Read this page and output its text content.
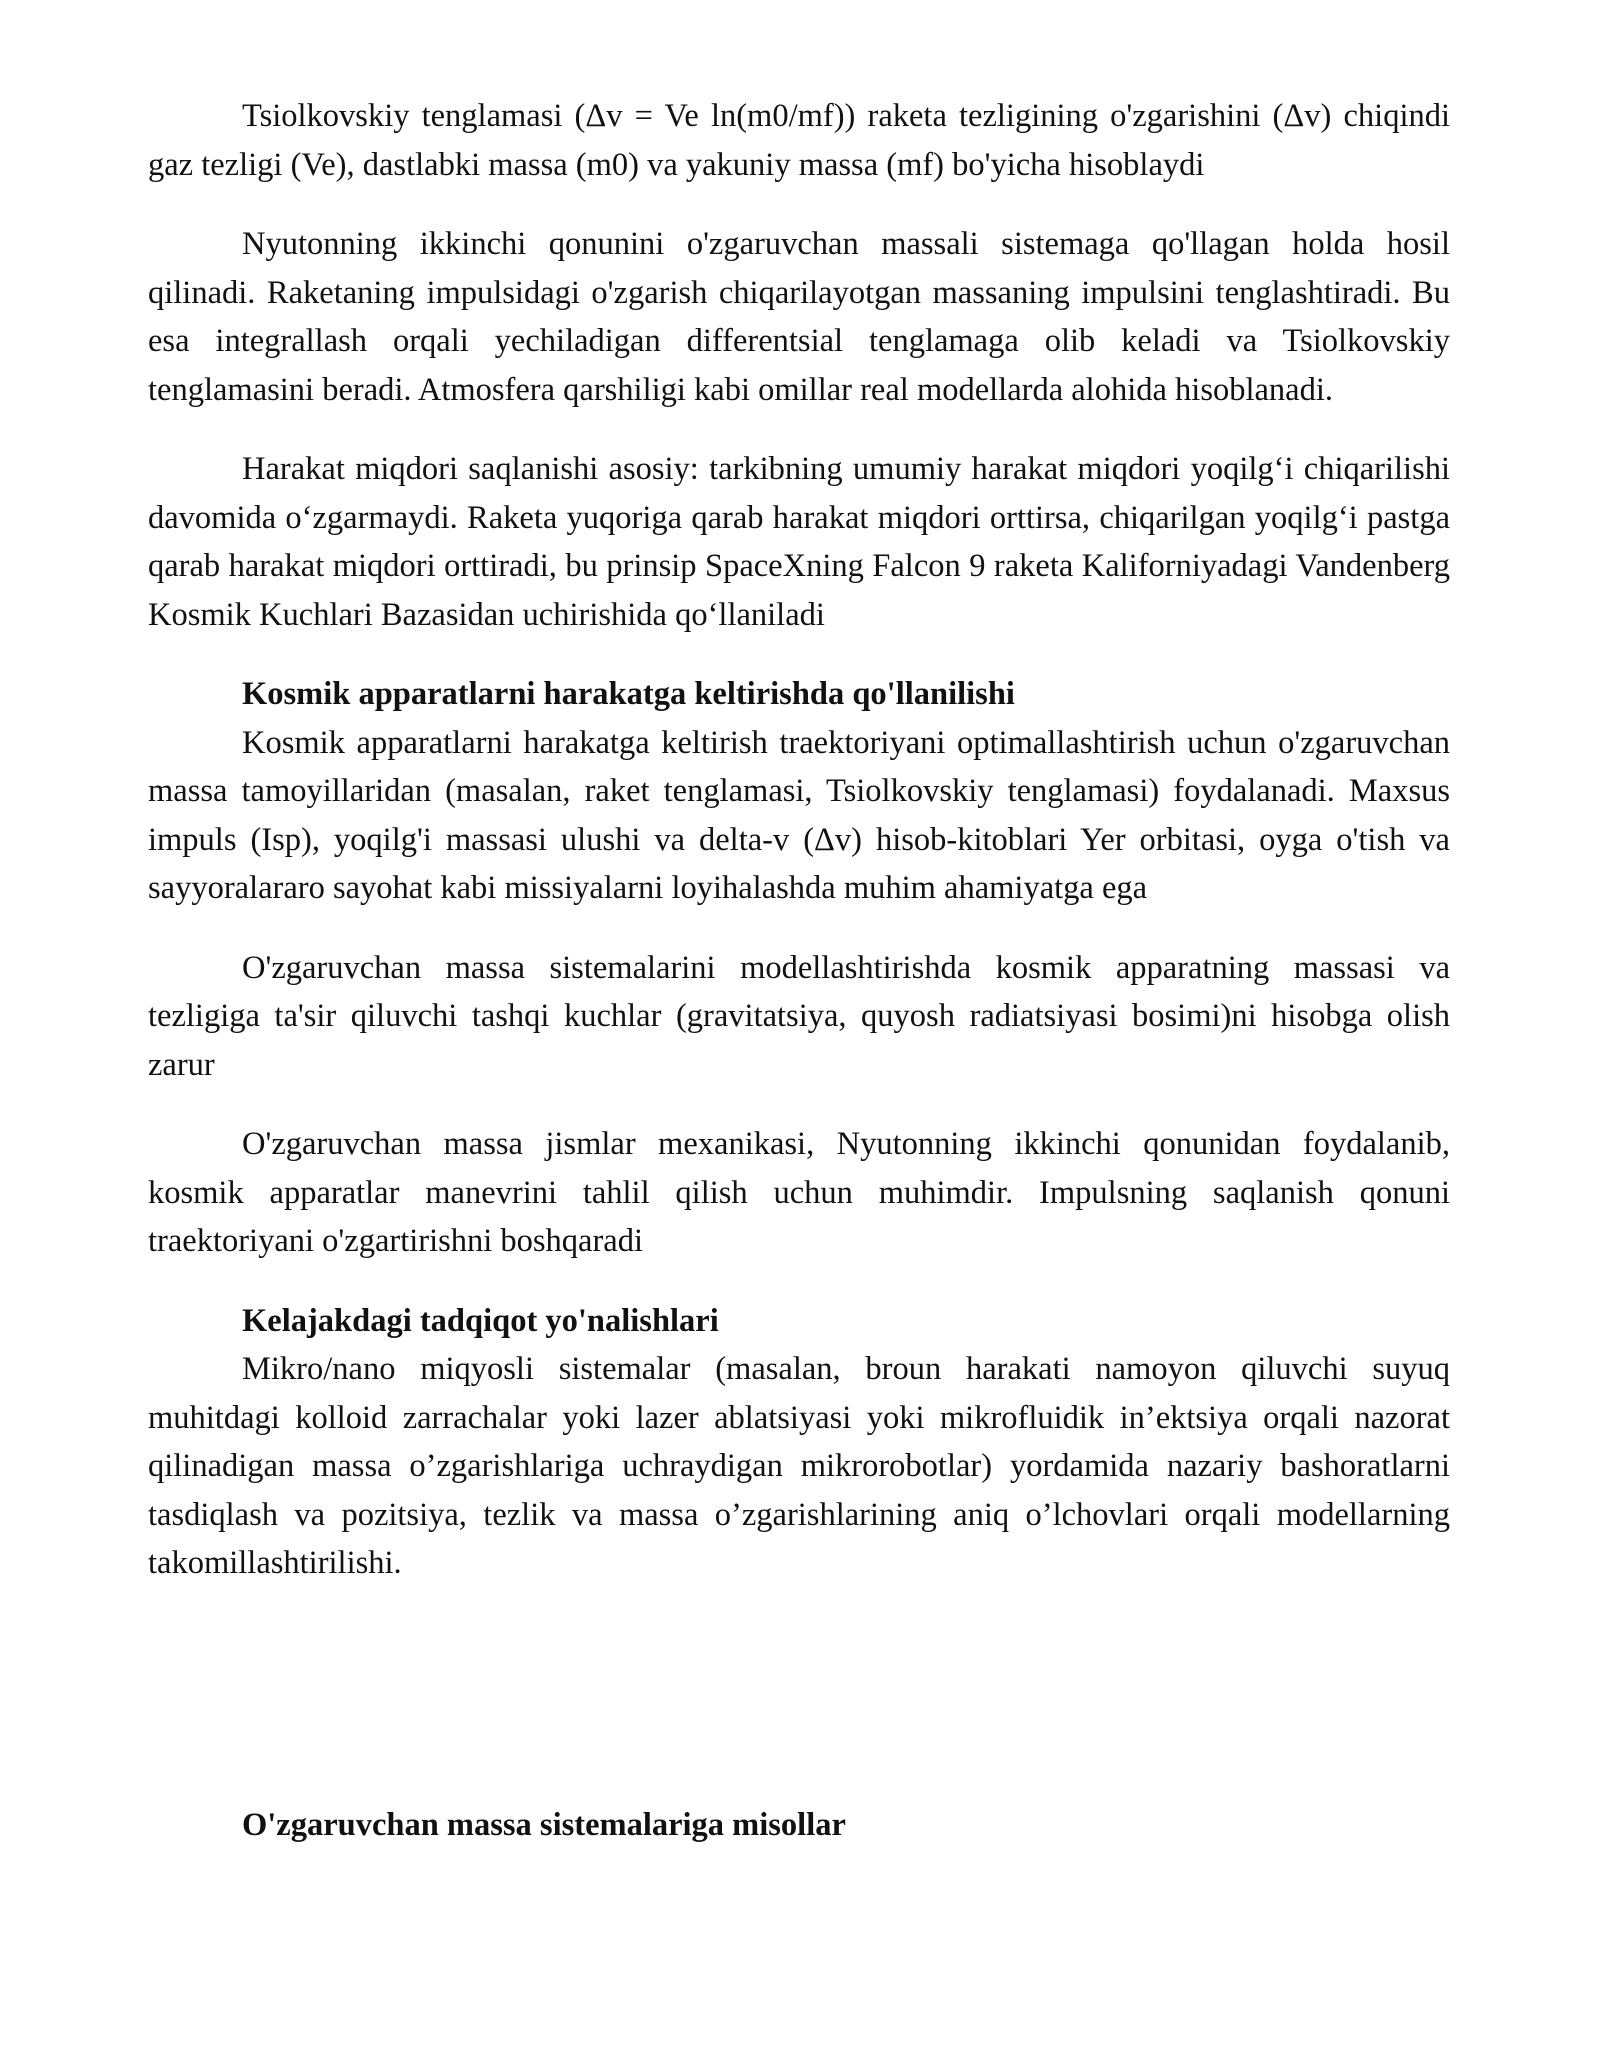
Tsiolkovskiy tenglamasi (Δv = Ve ln(m0/mf)) raketa tezligining o'zgarishini (Δv) chiqindi gaz tezligi (Ve), dastlabki massa (m0) va yakuniy massa (mf) bo'yicha hisoblaydi

Nyutonning ikkinchi qonunini o'zgaruvchan massali sistemaga qo'llagan holda hosil qilinadi. Raketaning impulsidagi o'zgarish chiqarilayotgan massaning impulsini tenglashtiradi. Bu esa integrallash orqali yechiladigan differentsial tenglamaga olib keladi va Tsiolkovskiy tenglamasini beradi. Atmosfera qarshiligi kabi omillar real modellarda alohida hisoblanadi.

Harakat miqdori saqlanishi asosiy: tarkibning umumiy harakat miqdori yoqilg‘i chiqarilishi davomida o‘zgarmaydi. Raketa yuqoriga qarab harakat miqdori orttirsa, chiqarilgan yoqilg‘i pastga qarab harakat miqdori orttiradi, bu prinsip SpaceXning Falcon 9 raketa Kaliforniyadagi Vandenberg Kosmik Kuchlari Bazasidan uchirishida qo‘llaniladi

Kosmik apparatlarni harakatga keltirishda qo'llanilishi

Kosmik apparatlarni harakatga keltirish traektoriyani optimallashtirish uchun o'zgaruvchan massa tamoyillaridan (masalan, raket tenglamasi, Tsiolkovskiy tenglamasi) foydalanadi. Maxsus impuls (Isp), yoqilg'i massasi ulushi va delta-v (Δv) hisob-kitoblari Yer orbitasi, oyga o'tish va sayyoralararo sayohat kabi missiyalarni loyihalashda muhim ahamiyatga ega

O'zgaruvchan massa sistemalarini modellashtirishda kosmik apparatning massasi va tezligiga ta'sir qiluvchi tashqi kuchlar (gravitatsiya, quyosh radiatsiyasi bosimi)ni hisobga olish zarur

O'zgaruvchan massa jismlar mexanikasi, Nyutonning ikkinchi qonunidan foydalanib, kosmik apparatlar manevrini tahlil qilish uchun muhimdir. Impulsning saqlanish qonuni traektoriyani o'zgartirishni boshqaradi

Kelajakdagi tadqiqot yo'nalishlari

Mikro/nano miqyosli sistemalar (masalan, broun harakati namoyon qiluvchi suyuq muhitdagi kolloid zarrachalar yoki lazer ablatsiyasi yoki mikrofluidik in’ektsiya orqali nazorat qilinadigan massa o’zgarishlariga uchraydigan mikrorobotlar) yordamida nazariy bashoratlarni tasdiqlash va pozitsiya, tezlik va massa o’zgarishlarining aniq o’lchovlari orqali modellarning takomillashtirilishi.

O'zgaruvchan massa sistemalariga misollar
